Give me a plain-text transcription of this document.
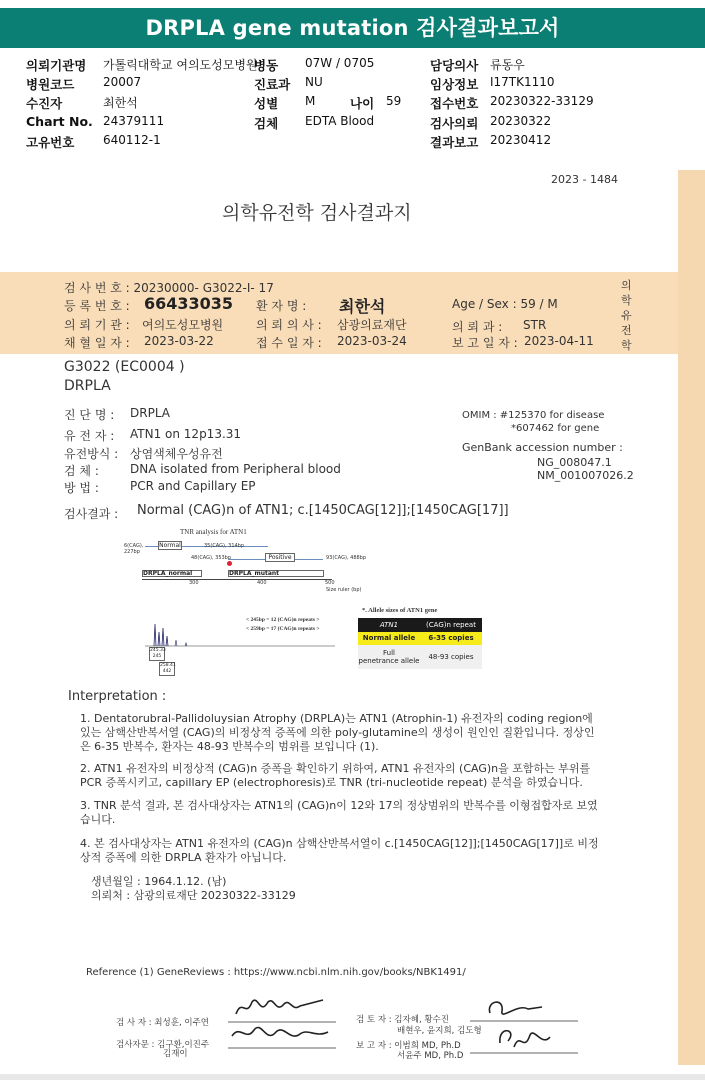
DRPLA gene mutation 검사결과보고서
의뢰기관명 가톨릭대학교 여의도성모병원
병동 07W / 0705	담당의사 류동우
병원코드 20007	진료과 NU	임상정보 I17TK1110
수진자	최한석	성별 M	나이 59 접수번호 20230322-33129
Chart No. 24379111	검체 EDTA Blood	검사의뢰 20230322
고유번호 640112-1	결과보고 20230412
2023 - 1484
의학유전학 검사결과지
검 사 번 호 : 20230000- G3022-I- 17
등 록 번 호 : 66433035 환 자 명 : 최한석	Age / Sex : 59 / M
의 뢰 기 관 : 여의도성모병원	의 뢰 의 사 : 삼광의료재단	의 뢰 과 : STR
채 혈 일 자 : 2023-03-22	접 수 일 자 : 2023-03-24	보 고 일 자 : 2023-04-11
의학유전학
G3022 (EC0004 )
DRPLA
진 단 명 : DRPLA
유 전 자 : ATN1 on 12p13.31
유전방식 : 상염색체우성유전
검 체 :	DNA isolated from Peripheral blood
방 법 :	PCR and Capillary EP
OMIM : #125370 for disease
*607462 for gene
GenBank accession number :
NG_008047.1
NM_001007026.2
검사결과 : Normal (CAG)n of ATN1; c.[1450CAG[12]];[1450CAG[17]]
TNR analysis for ATN1
6(CAG),
227bp
Normal	35(CAG), 314bp
48(CAG), 353bp	Positive	93(CAG), 488bp
DRPLA_normal	DRPLA_mutant
300	400	500
Size ruler (bp)
< 245bp = 12 (CAG)n repeats >
< 259bp = 17 (CAG)n repeats >
245.33
245
258.41
442
*. Allele sizes of ATN1 gene
ATN1	(CAG)n repeat
Normal allele	6-35 copies
Full
penetrance allele	48-93 copies
Interpretation :
1. Dentatorubral-Pallidoluysian Atrophy (DRPLA)는 ATN1 (Atrophin-1) 유전자의 coding region에 있는 삼핵산반복서열 (CAG)의 비정상적 증폭에 의한 poly-glutamine의 생성이 원인인 질환입니다. 정상인은 6-35 반복수, 환자는 48-93 반복수의 범위를 보입니다 (1).
2. ATN1 유전자의 비정상적 (CAG)n 증폭을 확인하기 위하여, ATN1 유전자의 (CAG)n을 포함하는 부위를 PCR 증폭시키고, capillary EP (electrophoresis)로 TNR (tri-nucleotide repeat) 분석을 하였습니다.
3. TNR 분석 결과, 본 검사대상자는 ATN1의 (CAG)n이 12와 17의 정상범위의 반복수를 이형접합자로 보였습니다.
4. 본 검사대상자는 ATN1 유전자의 (CAG)n 삼핵산반복서열이 c.[1450CAG[12]];[1450CAG[17]]로 비정상적 증폭에 의한 DRPLA 환자가 아닙니다.
생년월일 : 1964.1.12. (남)
의뢰처 : 삼광의료재단 20230322-33129
Reference (1) GeneReviews : https://www.ncbi.nlm.nih.gov/books/NBK1491/
검 사 자 : 최성훈, 이주연
검사자문 : 김구환,이진주
김재이
검 토 자 : 김자혜, 황수진
배현우, 윤지희, 김도형
보 고 자 : 이범희 MD, Ph.D
서윤주 MD, Ph.D
